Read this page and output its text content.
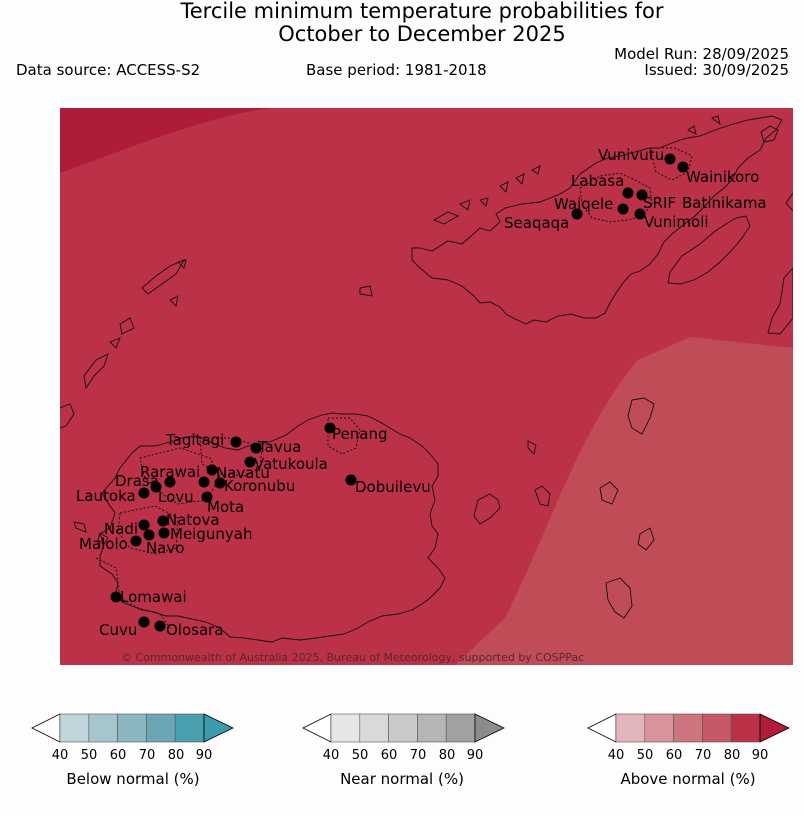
Tercile minimum temperature probabilities for
October to December 2025
Data source: ACCESS-S2	Base period: 1981-2018
Model Run: 28/09/2025
Issued: 30/09/2025
Vunivutu
Wainikoro
Labasa
Waiqele SRIF Batinikama
Seaqaqa	Vunimoli
Penang
Tagitagi Tavua
Vatukoula
Rarawai Navatu
Drasa	Koronubu
Lautoka Lovu
Mota
Dobuilevu
Nadi Natova
Meigunyah
Malolo Navo
Lomawai
Cuvu Olosara
© Commonwealth of Australia 2025, Bureau of Meteorology, supported by COSPPac
40 50 60 70 80 90	40 50 60 70 80 90	40 50 60 70 80 90
Below normal (%)	Near normal (%)	Above normal (%)
